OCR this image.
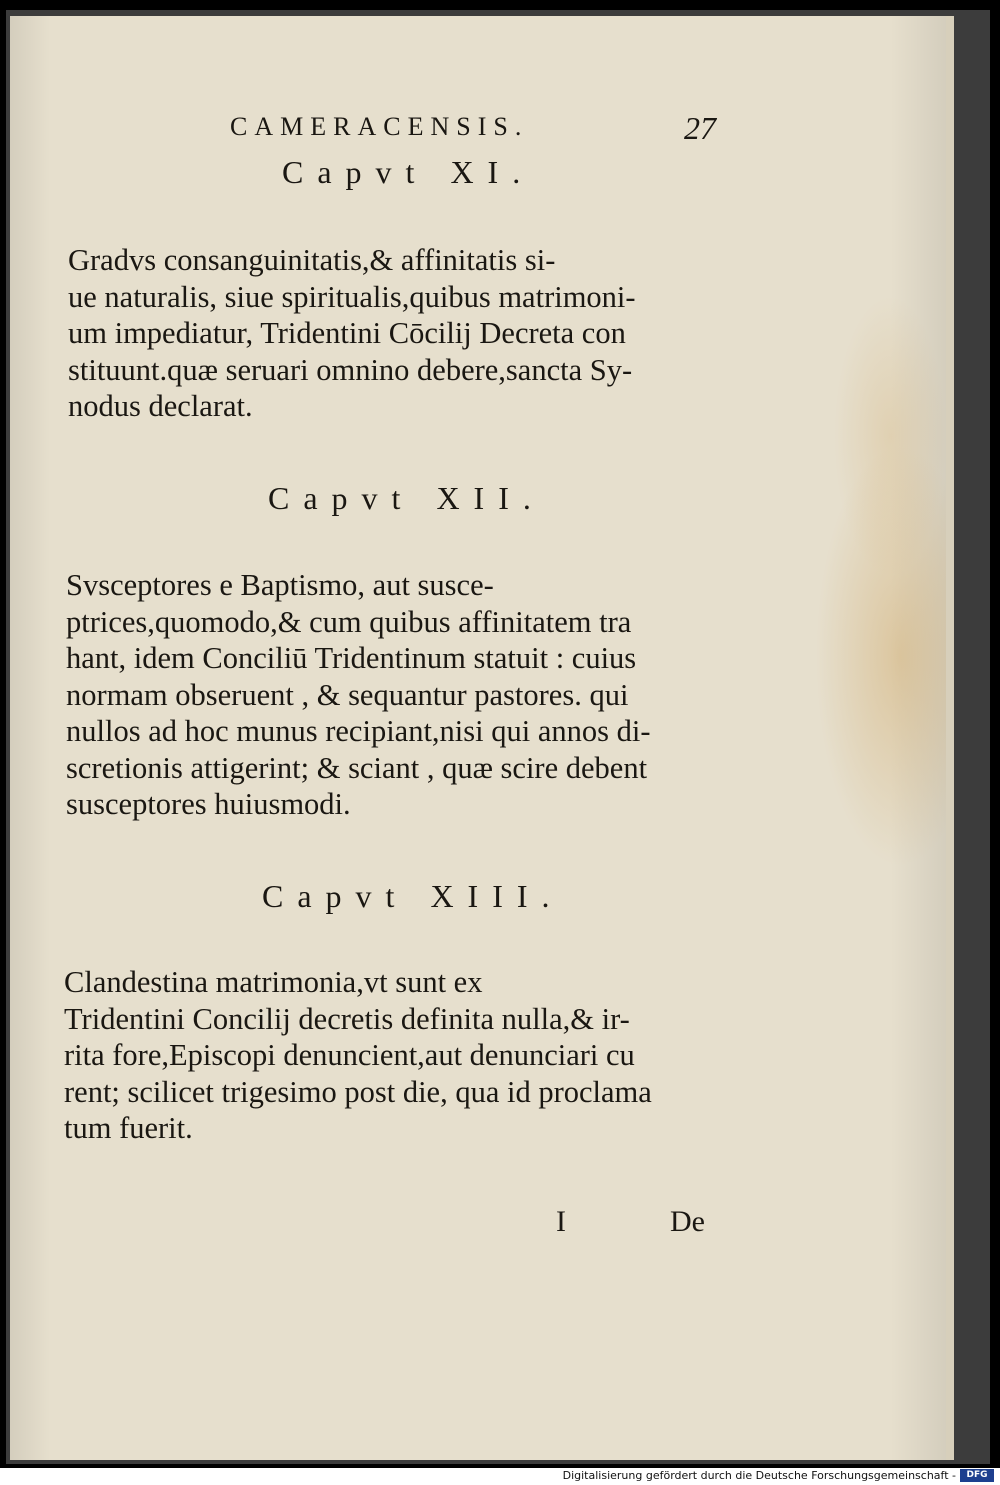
CAMERACENSIS.	27
Capvt XI.
Gradvs consanguinitatis,& affinitatis si-
ue naturalis, siue spiritualis,quibus matrimoni-
um impediatur, Tridentini Cōcilij Decreta con
stituunt.quæ seruari omnino debere,sancta Sy-
nodus declarat.
Capvt XII.
Svsceptores e Baptismo, aut susce-
ptrices,quomodo,& cum quibus affinitatem tra
hant, idem Conciliū Tridentinum statuit : cuius
normam obseruent , & sequantur pastores. qui
nullos ad hoc munus recipiant,nisi qui annos di-
scretionis attigerint; & sciant , quæ scire debent
susceptores huiusmodi.
Capvt XIII.
Clandestina matrimonia,vt sunt ex
Tridentini Concilij decretis definita nulla,& ir-
rita fore,Episcopi denuncient,aut denunciari cu
rent; scilicet trigesimo post die, qua id proclama
tum fuerit.
I	De
Digitalisierung gefördert durch die Deutsche Forschungsgemeinschaft -	DFG
